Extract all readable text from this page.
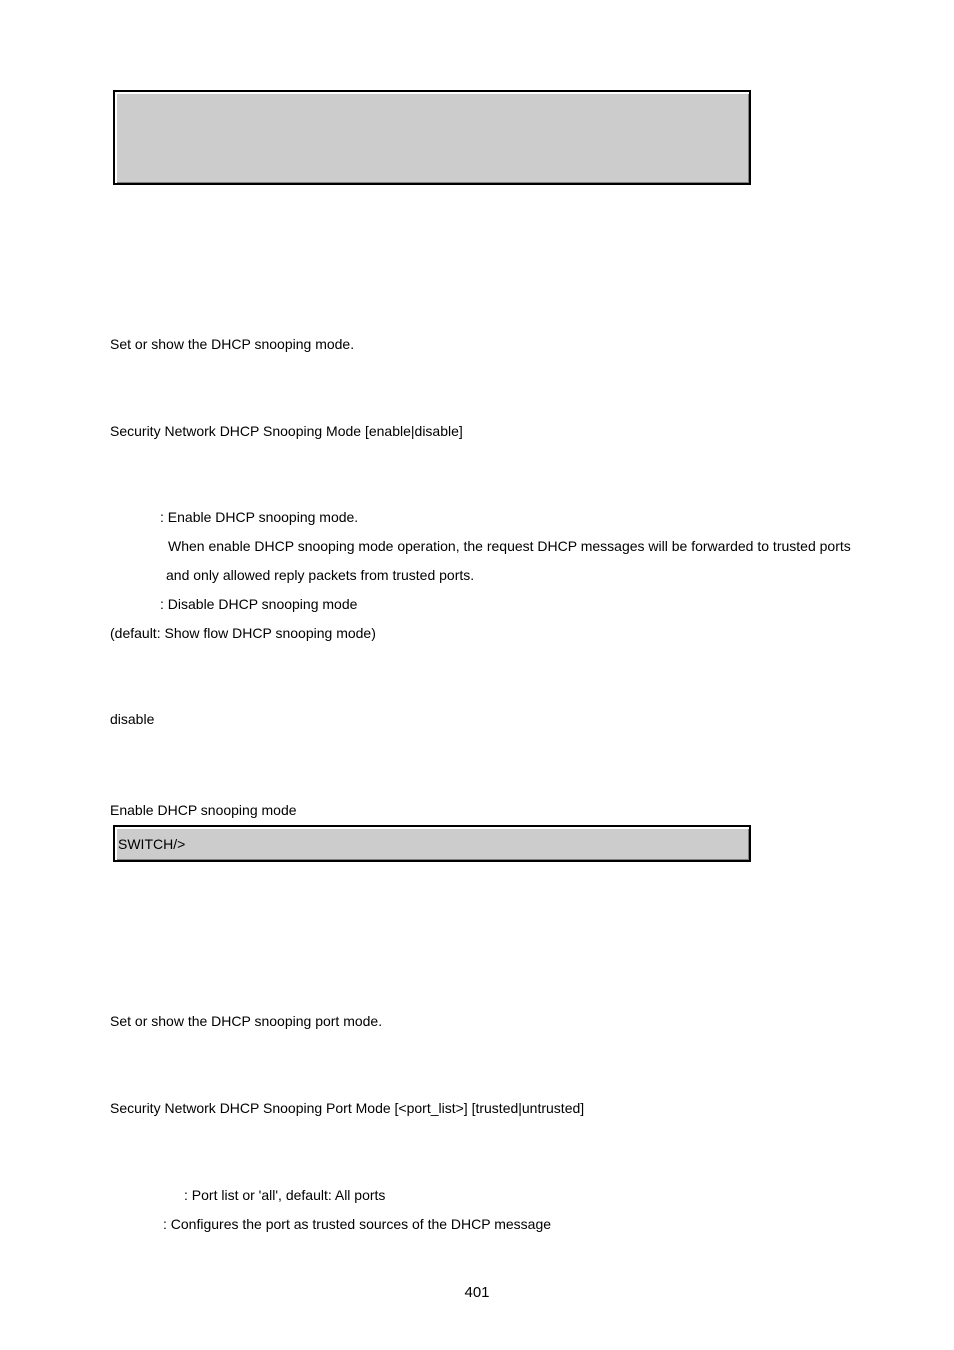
Set or show the DHCP snooping mode.
Security Network DHCP Snooping Mode [enable|disable]
: Enable DHCP snooping mode.
When enable DHCP snooping mode operation, the request DHCP messages will be forwarded to trusted ports
and only allowed reply packets from trusted ports.
: Disable DHCP snooping mode
(default: Show flow DHCP snooping mode)
disable
Enable DHCP snooping mode
SWITCH/>
Set or show the DHCP snooping port mode.
Security Network DHCP Snooping Port Mode [<port_list>] [trusted|untrusted]
: Port list or 'all', default: All ports
: Configures the port as trusted sources of the DHCP message
401
